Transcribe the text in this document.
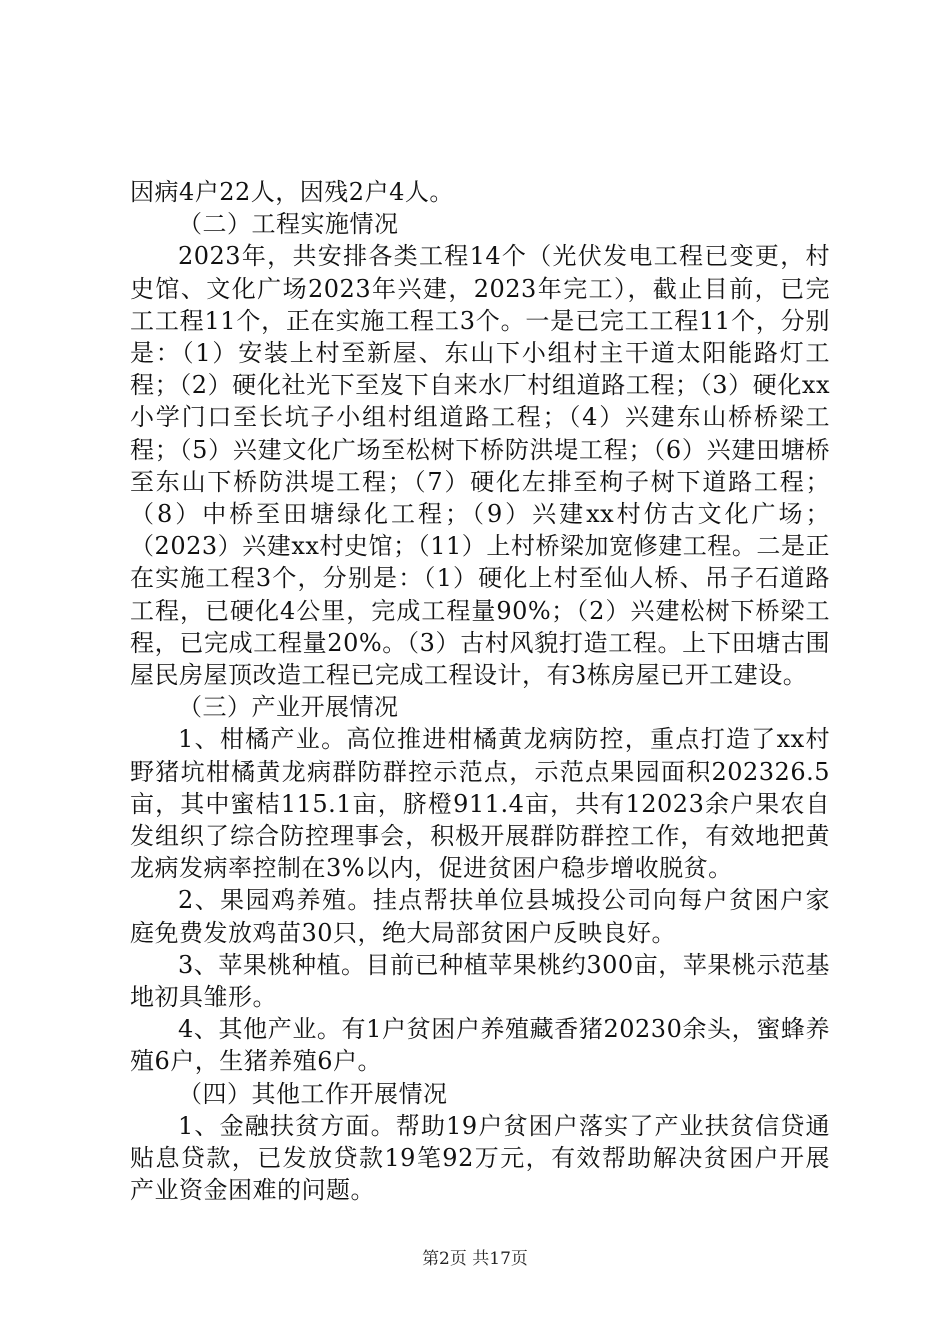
因病4户22人，因残2户4人。

（二）工程实施情况

2023年，共安排各类工程14个（光伏发电工程已变更，村史馆、文化广场2023年兴建，2023年完工），截止目前，已完工工程11个，正在实施工程工3个。一是已完工工程11个，分别是：（1）安装上村至新屋、东山下小组村主干道太阳能路灯工程；（2）硬化社光下至岌下自来水厂村组道路工程；（3）硬化xx小学门口至长坑子小组村组道路工程；（4）兴建东山桥桥梁工程；（5）兴建文化广场至松树下桥防洪堤工程；（6）兴建田塘桥至东山下桥防洪堤工程；（7）硬化左排至枸子树下道路工程；（8）中桥至田塘绿化工程；（9）兴建xx村仿古文化广场；（2023）兴建xx村史馆；（11）上村桥梁加宽修建工程。二是正在实施工程3个，分别是：（1）硬化上村至仙人桥、吊子石道路工程，已硬化4公里，完成工程量90%；（2）兴建松树下桥梁工程，已完成工程量20%。（3）古村风貌打造工程。上下田塘古围屋民房屋顶改造工程已完成工程设计，有3栋房屋已开工建设。

（三）产业开展情况

1、柑橘产业。高位推进柑橘黄龙病防控，重点打造了xx村野猪坑柑橘黄龙病群防群控示范点，示范点果园面积202326.5亩，其中蜜桔115.1亩，脐橙911.4亩，共有12023余户果农自发组织了综合防控理事会，积极开展群防群控工作，有效地把黄龙病发病率控制在3%以内，促进贫困户稳步增收脱贫。

2、果园鸡养殖。挂点帮扶单位县城投公司向每户贫困户家庭免费发放鸡苗30只，绝大局部贫困户反映良好。

3、苹果桃种植。目前已种植苹果桃约300亩，苹果桃示范基地初具雏形。

4、其他产业。有1户贫困户养殖藏香猪20230余头，蜜蜂养殖6户，生猪养殖6户。

（四）其他工作开展情况

1、金融扶贫方面。帮助19户贫困户落实了产业扶贫信贷通贴息贷款，已发放贷款19笔92万元，有效帮助解决贫困户开展产业资金困难的问题。

第2页 共17页
